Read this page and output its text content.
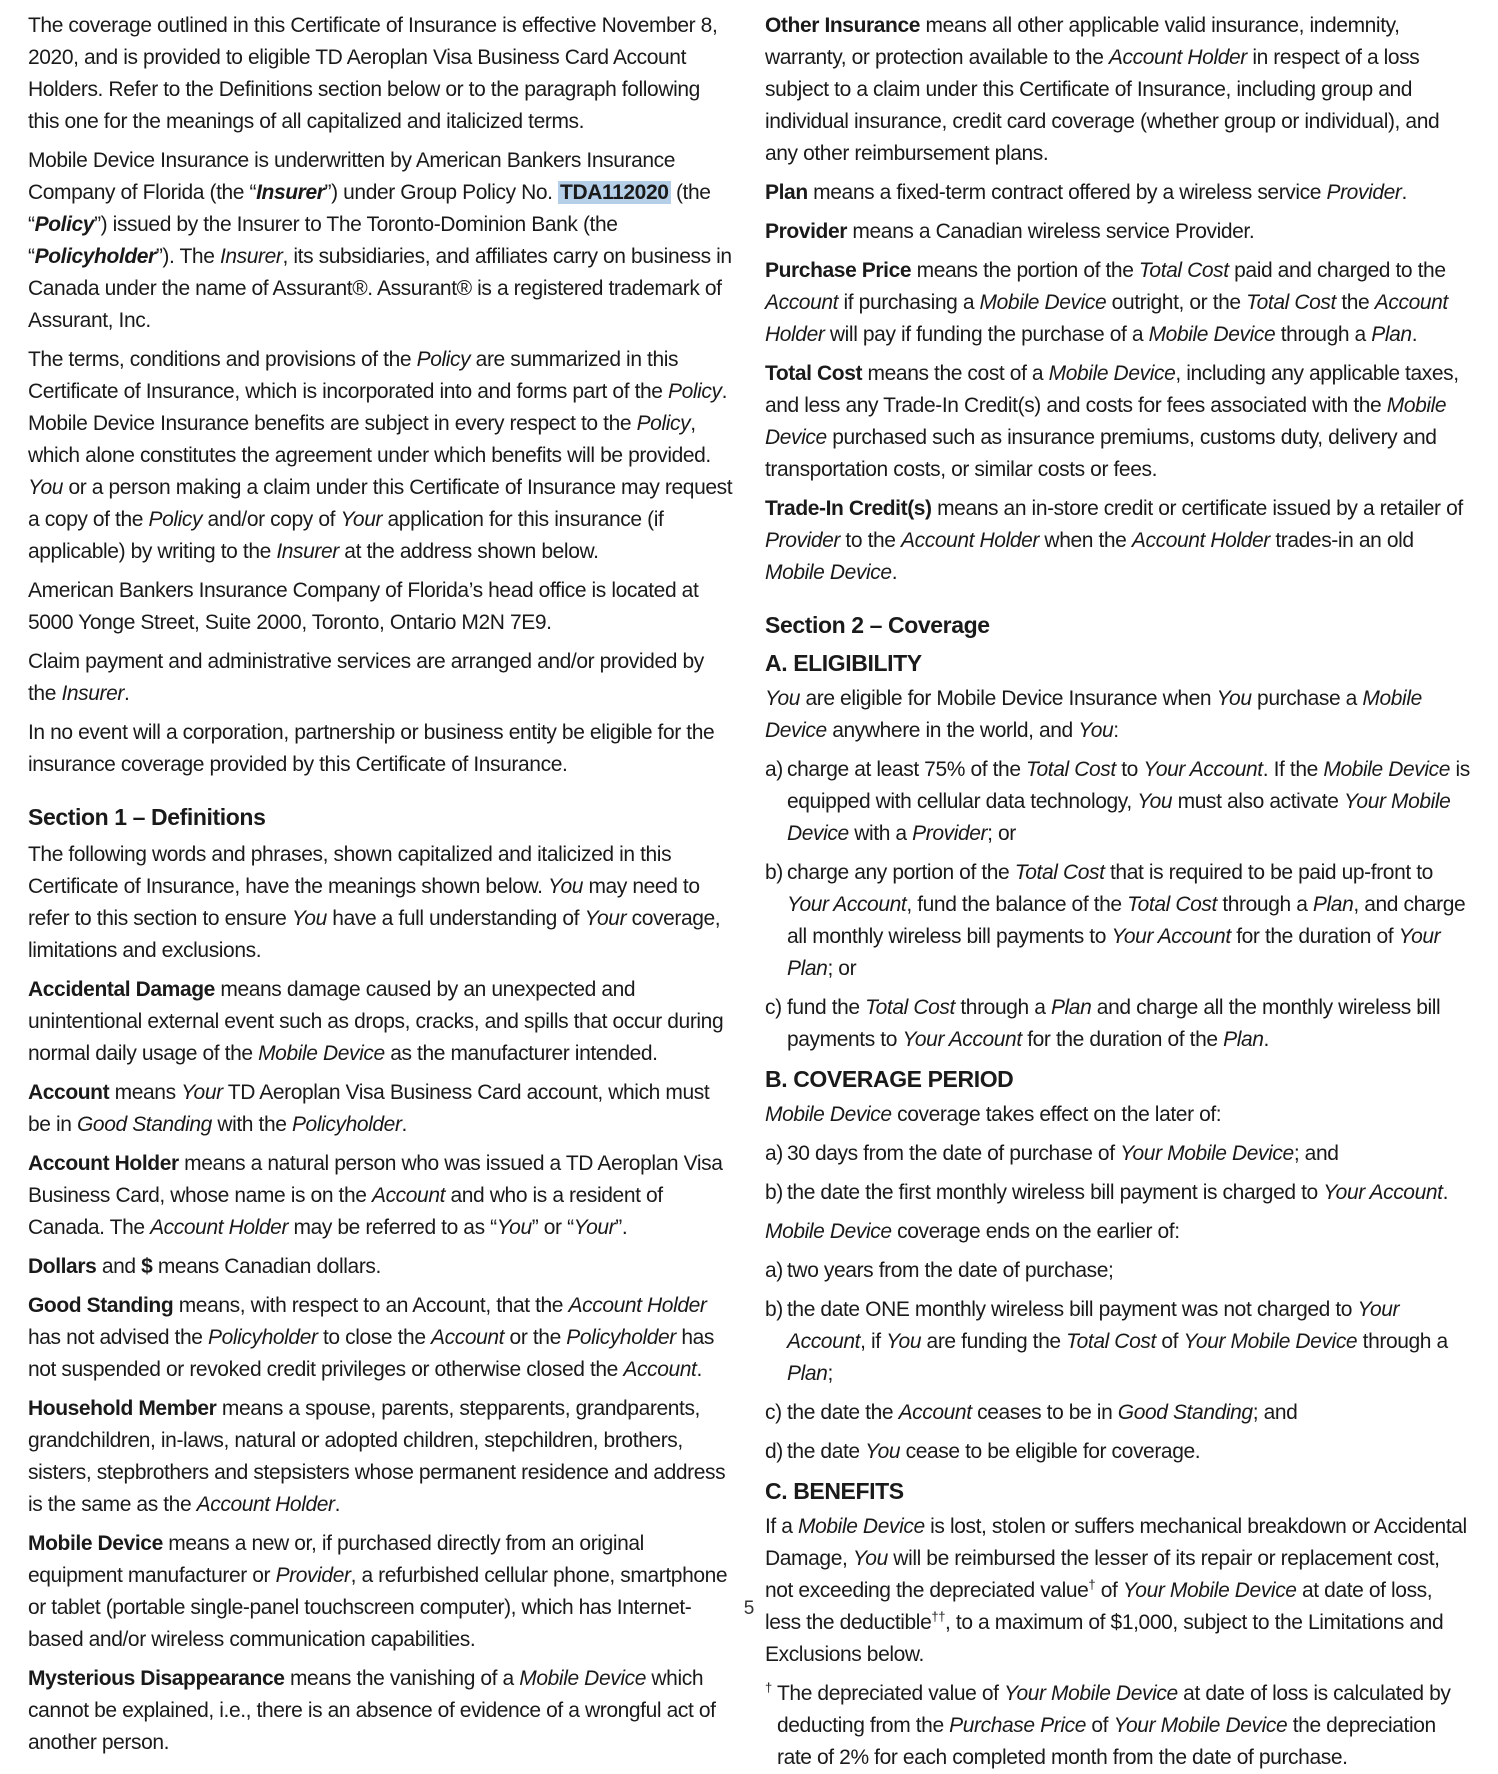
The coverage outlined in this Certificate of Insurance is effective November 8, 2020, and is provided to eligible TD Aeroplan Visa Business Card Account Holders. Refer to the Definitions section below or to the paragraph following this one for the meanings of all capitalized and italicized terms.

Mobile Device Insurance is underwritten by American Bankers Insurance Company of Florida (the “Insurer”) under Group Policy No. TDA112020 (the “Policy”) issued by the Insurer to The Toronto-Dominion Bank (the “Policyholder”). The Insurer, its subsidiaries, and affiliates carry on business in Canada under the name of Assurant®. Assurant® is a registered trademark of Assurant, Inc.

The terms, conditions and provisions of the Policy are summarized in this Certificate of Insurance, which is incorporated into and forms part of the Policy. Mobile Device Insurance benefits are subject in every respect to the Policy, which alone constitutes the agreement under which benefits will be provided. You or a person making a claim under this Certificate of Insurance may request a copy of the Policy and/or copy of Your application for this insurance (if applicable) by writing to the Insurer at the address shown below.

American Bankers Insurance Company of Florida’s head office is located at
5000 Yonge Street, Suite 2000, Toronto, Ontario M2N 7E9.

Claim payment and administrative services are arranged and/or provided by the Insurer.

In no event will a corporation, partnership or business entity be eligible for the insurance coverage provided by this Certificate of Insurance.

Section 1 – Definitions

The following words and phrases, shown capitalized and italicized in this Certificate of Insurance, have the meanings shown below. You may need to refer to this section to ensure You have a full understanding of Your coverage, limitations and exclusions.

Accidental Damage means damage caused by an unexpected and unintentional external event such as drops, cracks, and spills that occur during normal daily usage of the Mobile Device as the manufacturer intended.

Account means Your TD Aeroplan Visa Business Card account, which must be in Good Standing with the Policyholder.

Account Holder means a natural person who was issued a TD Aeroplan Visa Business Card, whose name is on the Account and who is a resident of Canada. The Account Holder may be referred to as “You” or “Your”.

Dollars and $ means Canadian dollars.

Good Standing means, with respect to an Account, that the Account Holder has not advised the Policyholder to close the Account or the Policyholder has not suspended or revoked credit privileges or otherwise closed the Account.

Household Member means a spouse, parents, stepparents, grandparents, grandchildren, in-laws, natural or adopted children, stepchildren, brothers, sisters, stepbrothers and stepsisters whose permanent residence and address is the same as the Account Holder.

Mobile Device means a new or, if purchased directly from an original equipment manufacturer or Provider, a refurbished cellular phone, smartphone or tablet (portable single-panel touchscreen computer), which has Internet-based and/or wireless communication capabilities.

Mysterious Disappearance means the vanishing of a Mobile Device which cannot be explained, i.e., there is an absence of evidence of a wrongful act of another person.

Other Insurance means all other applicable valid insurance, indemnity, warranty, or protection available to the Account Holder in respect of a loss subject to a claim under this Certificate of Insurance, including group and individual insurance, credit card coverage (whether group or individual), and any other reimbursement plans.

Plan means a fixed-term contract offered by a wireless service Provider.

Provider means a Canadian wireless service Provider.

Purchase Price means the portion of the Total Cost paid and charged to the Account if purchasing a Mobile Device outright, or the Total Cost the Account Holder will pay if funding the purchase of a Mobile Device through a Plan.

Total Cost means the cost of a Mobile Device, including any applicable taxes, and less any Trade-In Credit(s) and costs for fees associated with the Mobile Device purchased such as insurance premiums, customs duty, delivery and transportation costs, or similar costs or fees.

Trade-In Credit(s) means an in-store credit or certificate issued by a retailer of Provider to the Account Holder when the Account Holder trades-in an old Mobile Device.

Section 2 – Coverage
A. ELIGIBILITY

You are eligible for Mobile Device Insurance when You purchase a Mobile Device anywhere in the world, and You:

a) charge at least 75% of the Total Cost to Your Account. If the Mobile Device is equipped with cellular data technology, You must also activate Your Mobile Device with a Provider; or
b) charge any portion of the Total Cost that is required to be paid up-front to Your Account, fund the balance of the Total Cost through a Plan, and charge all monthly wireless bill payments to Your Account for the duration of Your Plan; or
c) fund the Total Cost through a Plan and charge all the monthly wireless bill payments to Your Account for the duration of the Plan.
B. COVERAGE PERIOD

Mobile Device coverage takes effect on the later of:

a) 30 days from the date of purchase of Your Mobile Device; and
b) the date the first monthly wireless bill payment is charged to Your Account.

Mobile Device coverage ends on the earlier of:

a) two years from the date of purchase;
b) the date ONE monthly wireless bill payment was not charged to Your Account, if You are funding the Total Cost of Your Mobile Device through a Plan;
c) the date the Account ceases to be in Good Standing; and
d) the date You cease to be eligible for coverage.
C. BENEFITS

If a Mobile Device is lost, stolen or suffers mechanical breakdown or Accidental Damage, You will be reimbursed the lesser of its repair or replacement cost, not exceeding the depreciated value† of Your Mobile Device at date of loss, less the deductible††, to a maximum of $1,000, subject to the Limitations and Exclusions below.

† The depreciated value of Your Mobile Device at date of loss is calculated by deducting from the Purchase Price of Your Mobile Device the depreciation rate of 2% for each completed month from the date of purchase.
5
